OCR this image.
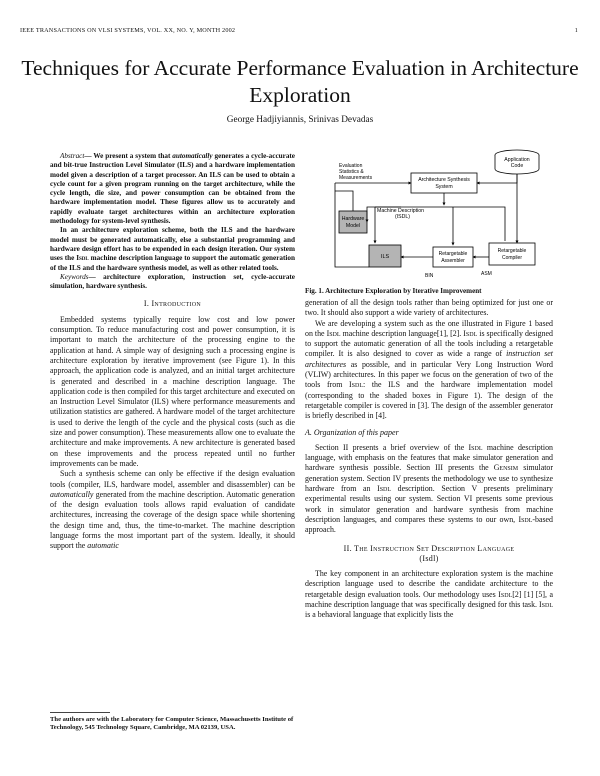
IEEE TRANSACTIONS ON VLSI SYSTEMS, VOL. XX, NO. Y, MONTH 2002	1
Techniques for Accurate Performance Evaluation in Architecture Exploration
George Hadjiyiannis, Srinivas Devadas

Abstract— We present a system that automatically generates a cycle-accurate and bit-true Instruction Level Simulator (ILS) and a hardware implementation model given a description of a target processor. An ILS can be used to obtain a cycle count for a given program running on the target architecture, while the cycle length, die size, and power consumption can be obtained from the hardware implementation model. These figures allow us to accurately and rapidly evaluate target architectures within an architecture exploration methodology for system-level synthesis.

In an architecture exploration scheme, both the ILS and the hardware model must be generated automatically, else a substantial programming and hardware design effort has to be expended in each design iteration. Our system uses the Isdl machine description language to support the automatic generation of the ILS and the hardware synthesis model, as well as other related tools.

Keywords— architecture exploration, instruction set, cycle-accurate simulation, hardware synthesis.

I. Introduction

Embedded systems typically require low cost and low power consumption. To reduce manufacturing cost and power consumption, it is important to match the architecture of the processing engine to the application at hand. A simple way of designing such a processing engine is architecture exploration by iterative improvement (see Figure 1). In this approach, the application code is analyzed, and an initial target architecture is generated and described in a machine description language. The application code is then compiled for this target architecture and executed on an Instruction Level Simulator (ILS) where performance measurements and utilization statistics are gathered. A hardware model of the target architecture is used to derive the length of the cycle and the physical costs (such as die size and power consumption). These measurements allow one to evaluate the architecture and make improvements. A new architecture is generated based on these improvements and the process repeated until no further improvements can be made.

Such a synthesis scheme can only be effective if the design evaluation tools (compiler, ILS, hardware model, assembler and disassembler) can be automatically generated from the machine description. Automatic generation of the design evaluation tools allows rapid evaluation of candidate architectures, increasing the coverage of the design space while shortening the design time and, thus, the time-to-market. The machine description language forms the most important part of the system. Ideally, it should support the automatic

The authors are with the Laboratory for Computer Science, Massachusetts Institute of Technology, 545 Technology Square, Cambridge, MA 02139, USA.
Application
Code
Evaluation
Statistics &
Measurements	Architecture Synthesis
System
Machine Description
(ISDL)
Hardware
Model
ILS	Retargetable
Assembler
Retargetable
Compiler
BIN	ASM
Fig. 1. Architecture Exploration by Iterative Improvement

generation of all the design tools rather than being optimized for just one or two. It should also support a wide variety of architectures.

We are developing a system such as the one illustrated in Figure 1 based on the Isdl machine description language[1], [2]. Isdl is specifically designed to support the automatic generation of all the tools including a retargetable compiler. It is also designed to cover as wide a range of instruction set architectures as possible, and in particular Very Long Instruction Word (VLIW) architectures. In this paper we focus on the generation of two of the tools from Isdl: the ILS and the hardware implementation model (corresponding to the shaded boxes in Figure 1). The design of the retargetable compiler is covered in [3]. The design of the assembler generator is briefly described in [4].

A. Organization of this paper

Section II presents a brief overview of the Isdl machine description language, with emphasis on the features that make simulator generation and hardware synthesis possible. Section III presents the Gensim simulator generation system. Section IV presents the methodology we use to synthesize hardware from an Isdl description. Section V presents preliminary experimental results using our system. Section VI presents some previous work in simulator generation and hardware synthesis from machine description languages, and compares these systems to our own, Isdl-based approach.

II. The Instruction Set Description Language
(Isdl)

The key component in an architecture exploration system is the machine description language used to describe the candidate architecture to the retargetable design evaluation tools. Our methodology uses Isdl[2] [1] [5], a machine description language that was specifically designed for this task. Isdl is a behavioral language that explicitly lists the
